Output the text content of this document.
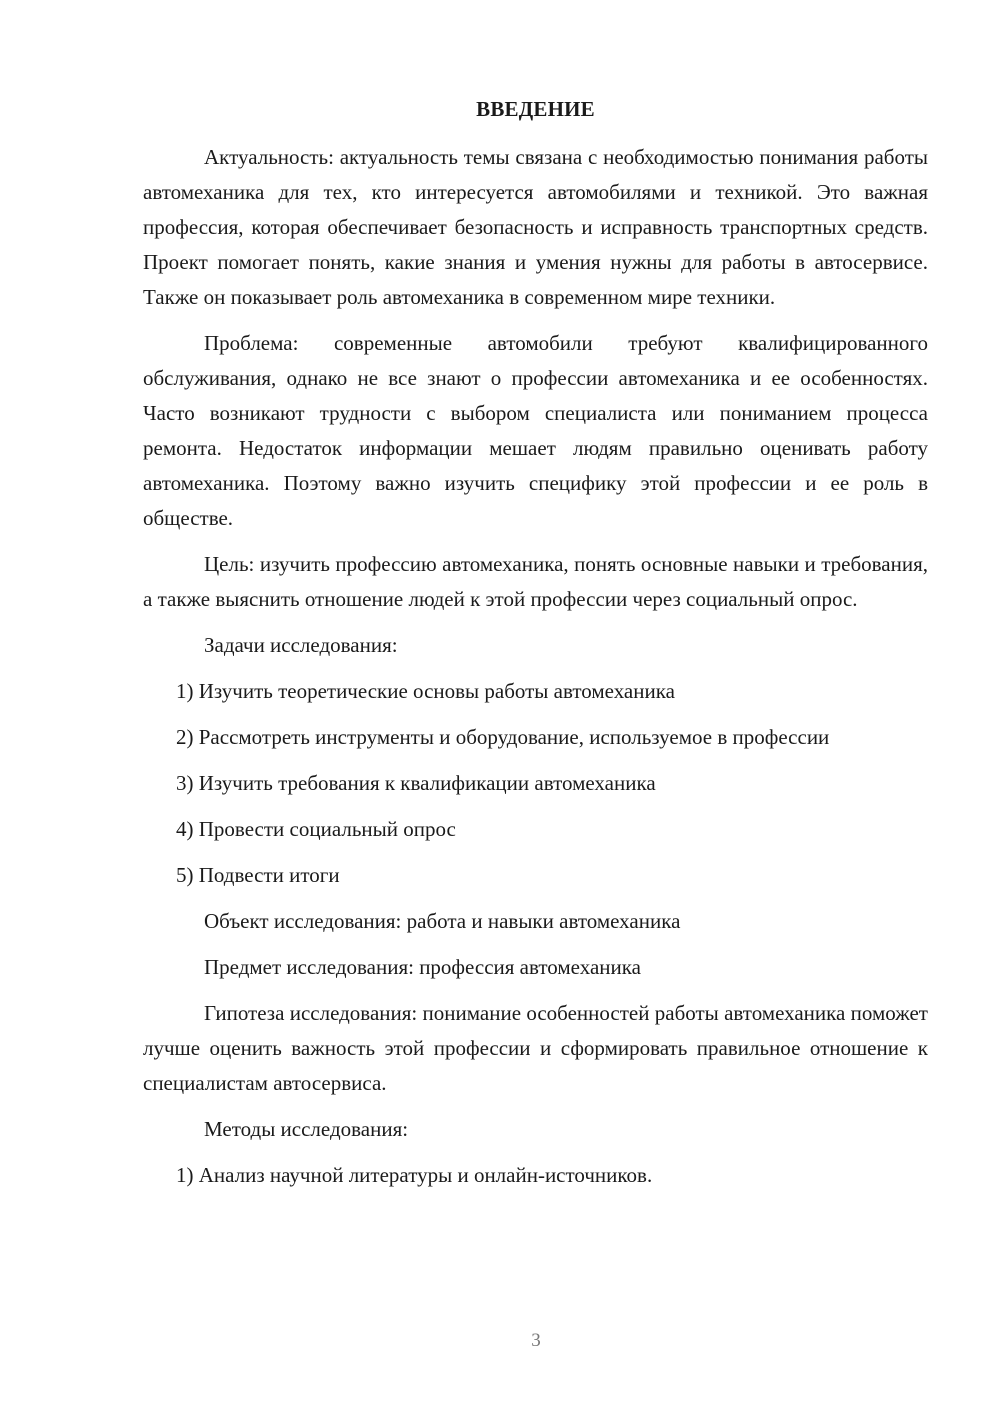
ВВЕДЕНИЕ

Актуальность: актуальность темы связана с необходимостью понимания работы автомеханика для тех, кто интересуется автомобилями и техникой. Это важная профессия, которая обеспечивает безопасность и исправность транспортных средств. Проект помогает понять, какие знания и умения нужны для работы в автосервисе. Также он показывает роль автомеханика в современном мире техники.

Проблема: современные автомобили требуют квалифицированного обслуживания, однако не все знают о профессии автомеханика и ее особенностях. Часто возникают трудности с выбором специалиста или пониманием процесса ремонта. Недостаток информации мешает людям правильно оценивать работу автомеханика. Поэтому важно изучить специфику этой профессии и ее роль в обществе.

Цель: изучить профессию автомеханика, понять основные навыки и требования, а также выяснить отношение людей к этой профессии через социальный опрос.

Задачи исследования:

1) Изучить теоретические основы работы автомеханика

2) Рассмотреть инструменты и оборудование, используемое в профессии

3) Изучить требования к квалификации автомеханика

4) Провести социальный опрос

5) Подвести итоги

Объект исследования: работа и навыки автомеханика

Предмет исследования: профессия автомеханика

Гипотеза исследования: понимание особенностей работы автомеханика поможет лучше оценить важность этой профессии и сформировать правильное отношение к специалистам автосервиса.

Методы исследования:

1) Анализ научной литературы и онлайн-источников.

3
